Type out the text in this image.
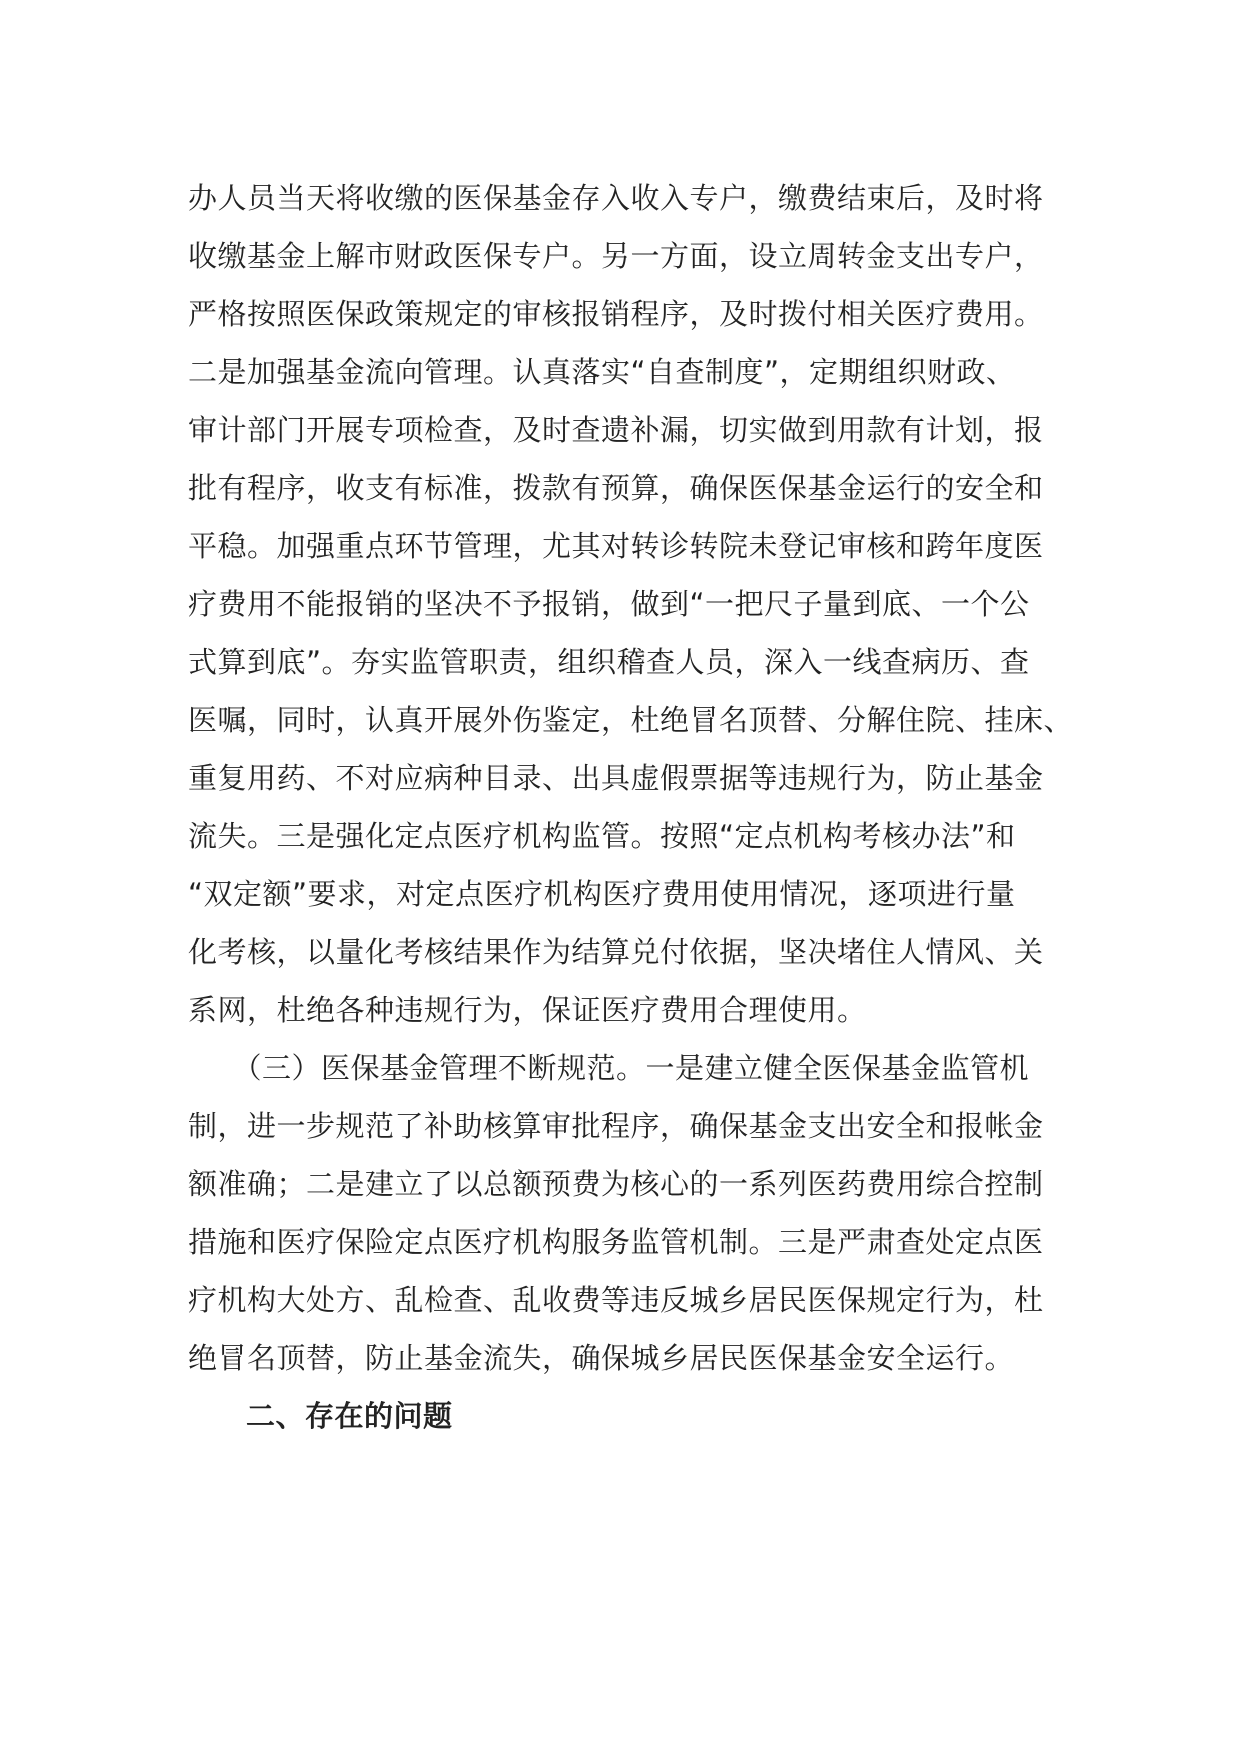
办人员当天将收缴的医保基金存入收入专户，缴费结束后，及时将
收缴基金上解市财政医保专户。另一方面，设立周转金支出专户，
严格按照医保政策规定的审核报销程序，及时拨付相关医疗费用。
二是加强基金流向管理。认真落实“自查制度”，定期组织财政、
审计部门开展专项检查，及时查遗补漏，切实做到用款有计划，报
批有程序，收支有标准，拨款有预算，确保医保基金运行的安全和
平稳。加强重点环节管理，尤其对转诊转院未登记审核和跨年度医
疗费用不能报销的坚决不予报销，做到“一把尺子量到底、一个公
式算到底”。夯实监管职责，组织稽查人员，深入一线查病历、查
医嘱，同时，认真开展外伤鉴定，杜绝冒名顶替、分解住院、挂床、
重复用药、不对应病种目录、出具虚假票据等违规行为，防止基金
流失。三是强化定点医疗机构监管。按照“定点机构考核办法”和
“双定额”要求，对定点医疗机构医疗费用使用情况，逐项进行量
化考核，以量化考核结果作为结算兑付依据，坚决堵住人情风、关
系网，杜绝各种违规行为，保证医疗费用合理使用。
　　（三）医保基金管理不断规范。一是建立健全医保基金监管机
制，进一步规范了补助核算审批程序，确保基金支出安全和报帐金
额准确；二是建立了以总额预费为核心的一系列医药费用综合控制
措施和医疗保险定点医疗机构服务监管机制。三是严肃查处定点医
疗机构大处方、乱检查、乱收费等违反城乡居民医保规定行为，杜
绝冒名顶替，防止基金流失，确保城乡居民医保基金安全运行。
二、存在的问题
